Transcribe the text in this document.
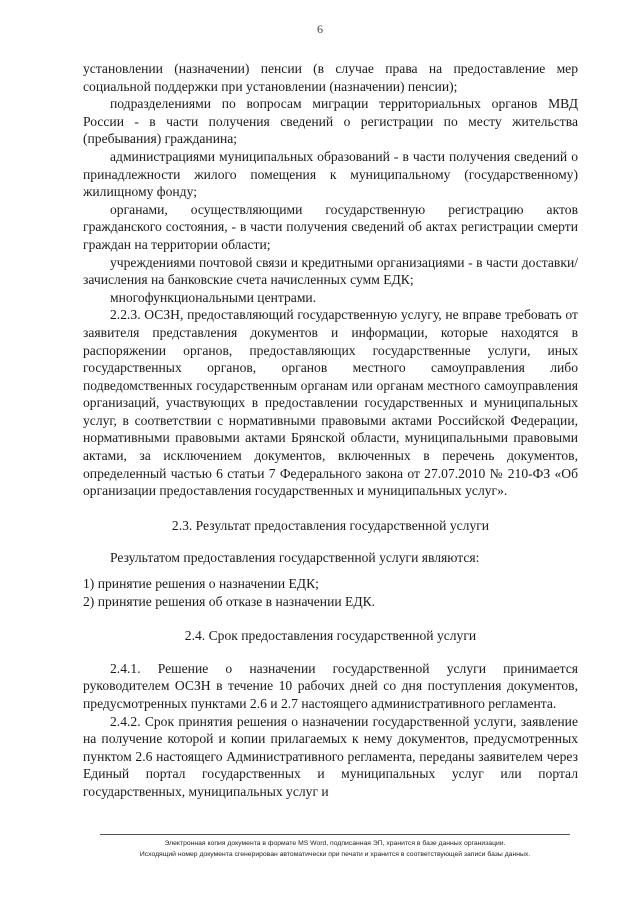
6

установлении (назначении) пенсии (в случае права на предоставление мер социальной поддержки при установлении (назначении) пенсии);

подразделениями по вопросам миграции территориальных органов МВД России - в части получения сведений о регистрации по месту жительства (пребывания) гражданина;

администрациями муниципальных образований - в части получения сведений о принадлежности жилого помещения к муниципальному (государственному) жилищному фонду;

органами, осуществляющими государственную регистрацию актов гражданского состояния, - в части получения сведений об актах регистрации смерти граждан на территории области;

учреждениями почтовой связи и кредитными организациями - в части доставки/зачисления на банковские счета начисленных сумм ЕДК;

многофункциональными центрами.

2.2.3. ОСЗН, предоставляющий государственную услугу, не вправе требовать от заявителя представления документов и информации, которые находятся в распоряжении органов, предоставляющих государственные услуги, иных государственных органов, органов местного самоуправления либо подведомственных государственным органам или органам местного самоуправления организаций, участвующих в предоставлении государственных и муниципальных услуг, в соответствии с нормативными правовыми актами Российской Федерации, нормативными правовыми актами Брянской области, муниципальными правовыми актами, за исключением документов, включенных в перечень документов, определенный частью 6 статьи 7 Федерального закона от 27.07.2010 № 210-ФЗ «Об организации предоставления государственных и муниципальных услуг».

2.3. Результат предоставления государственной услуги

Результатом предоставления государственной услуги являются:

1) принятие решения о назначении ЕДК;

2) принятие решения об отказе в назначении ЕДК.

2.4. Срок предоставления государственной услуги

2.4.1. Решение о назначении государственной услуги принимается руководителем ОСЗН в течение 10 рабочих дней со дня поступления документов, предусмотренных пунктами 2.6 и 2.7 настоящего административного регламента.

2.4.2. Срок принятия решения о назначении государственной услуги, заявление на получение которой и копии прилагаемых к нему документов, предусмотренных пунктом 2.6 настоящего Административного регламента, переданы заявителем через Единый портал государственных и муниципальных услуг или портал государственных, муниципальных услуг и

Электронная копия документа в формате MS Word, подписанная ЭП, хранится в базе данных организации.
Исходящий номер документа сгенерирован автоматически при печати и хранится в соответствующей записи базы данных.
